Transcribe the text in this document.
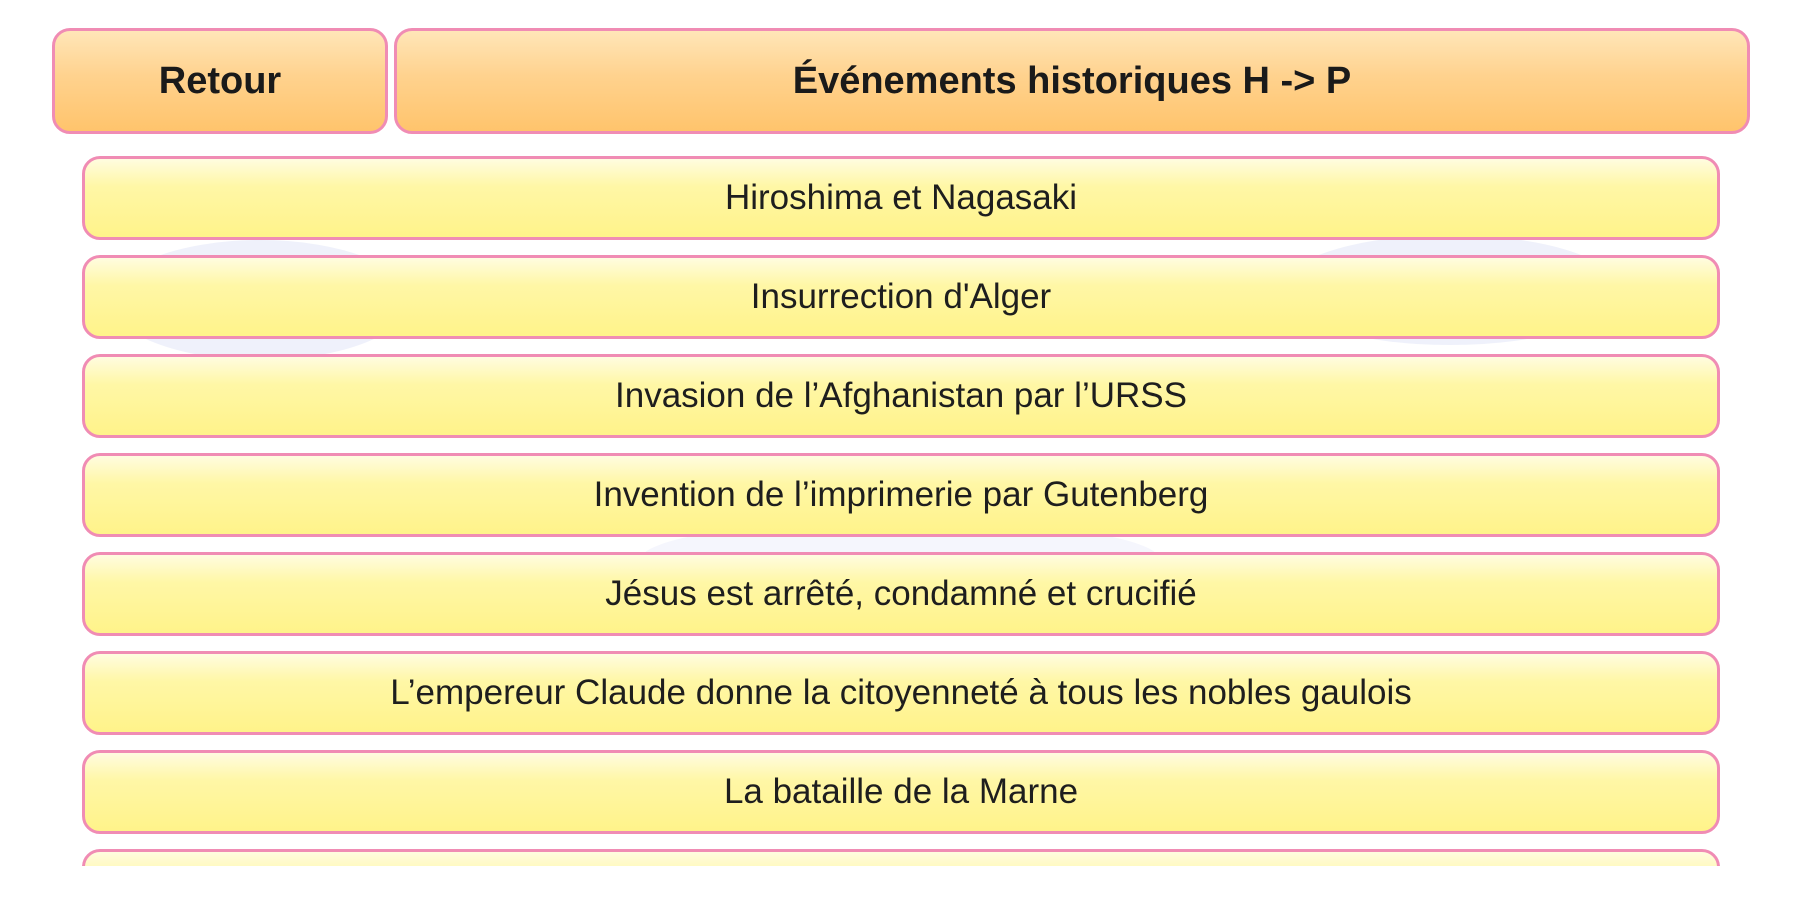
Retour	Événements historiques H -> P
Hiroshima et Nagasaki
Insurrection d'Alger
Invasion de l’Afghanistan par l’URSS
Invention de l’imprimerie par Gutenberg
Jésus est arrêté, condamné et crucifié
L’empereur Claude donne la citoyenneté à tous les nobles gaulois
La bataille de la Marne
